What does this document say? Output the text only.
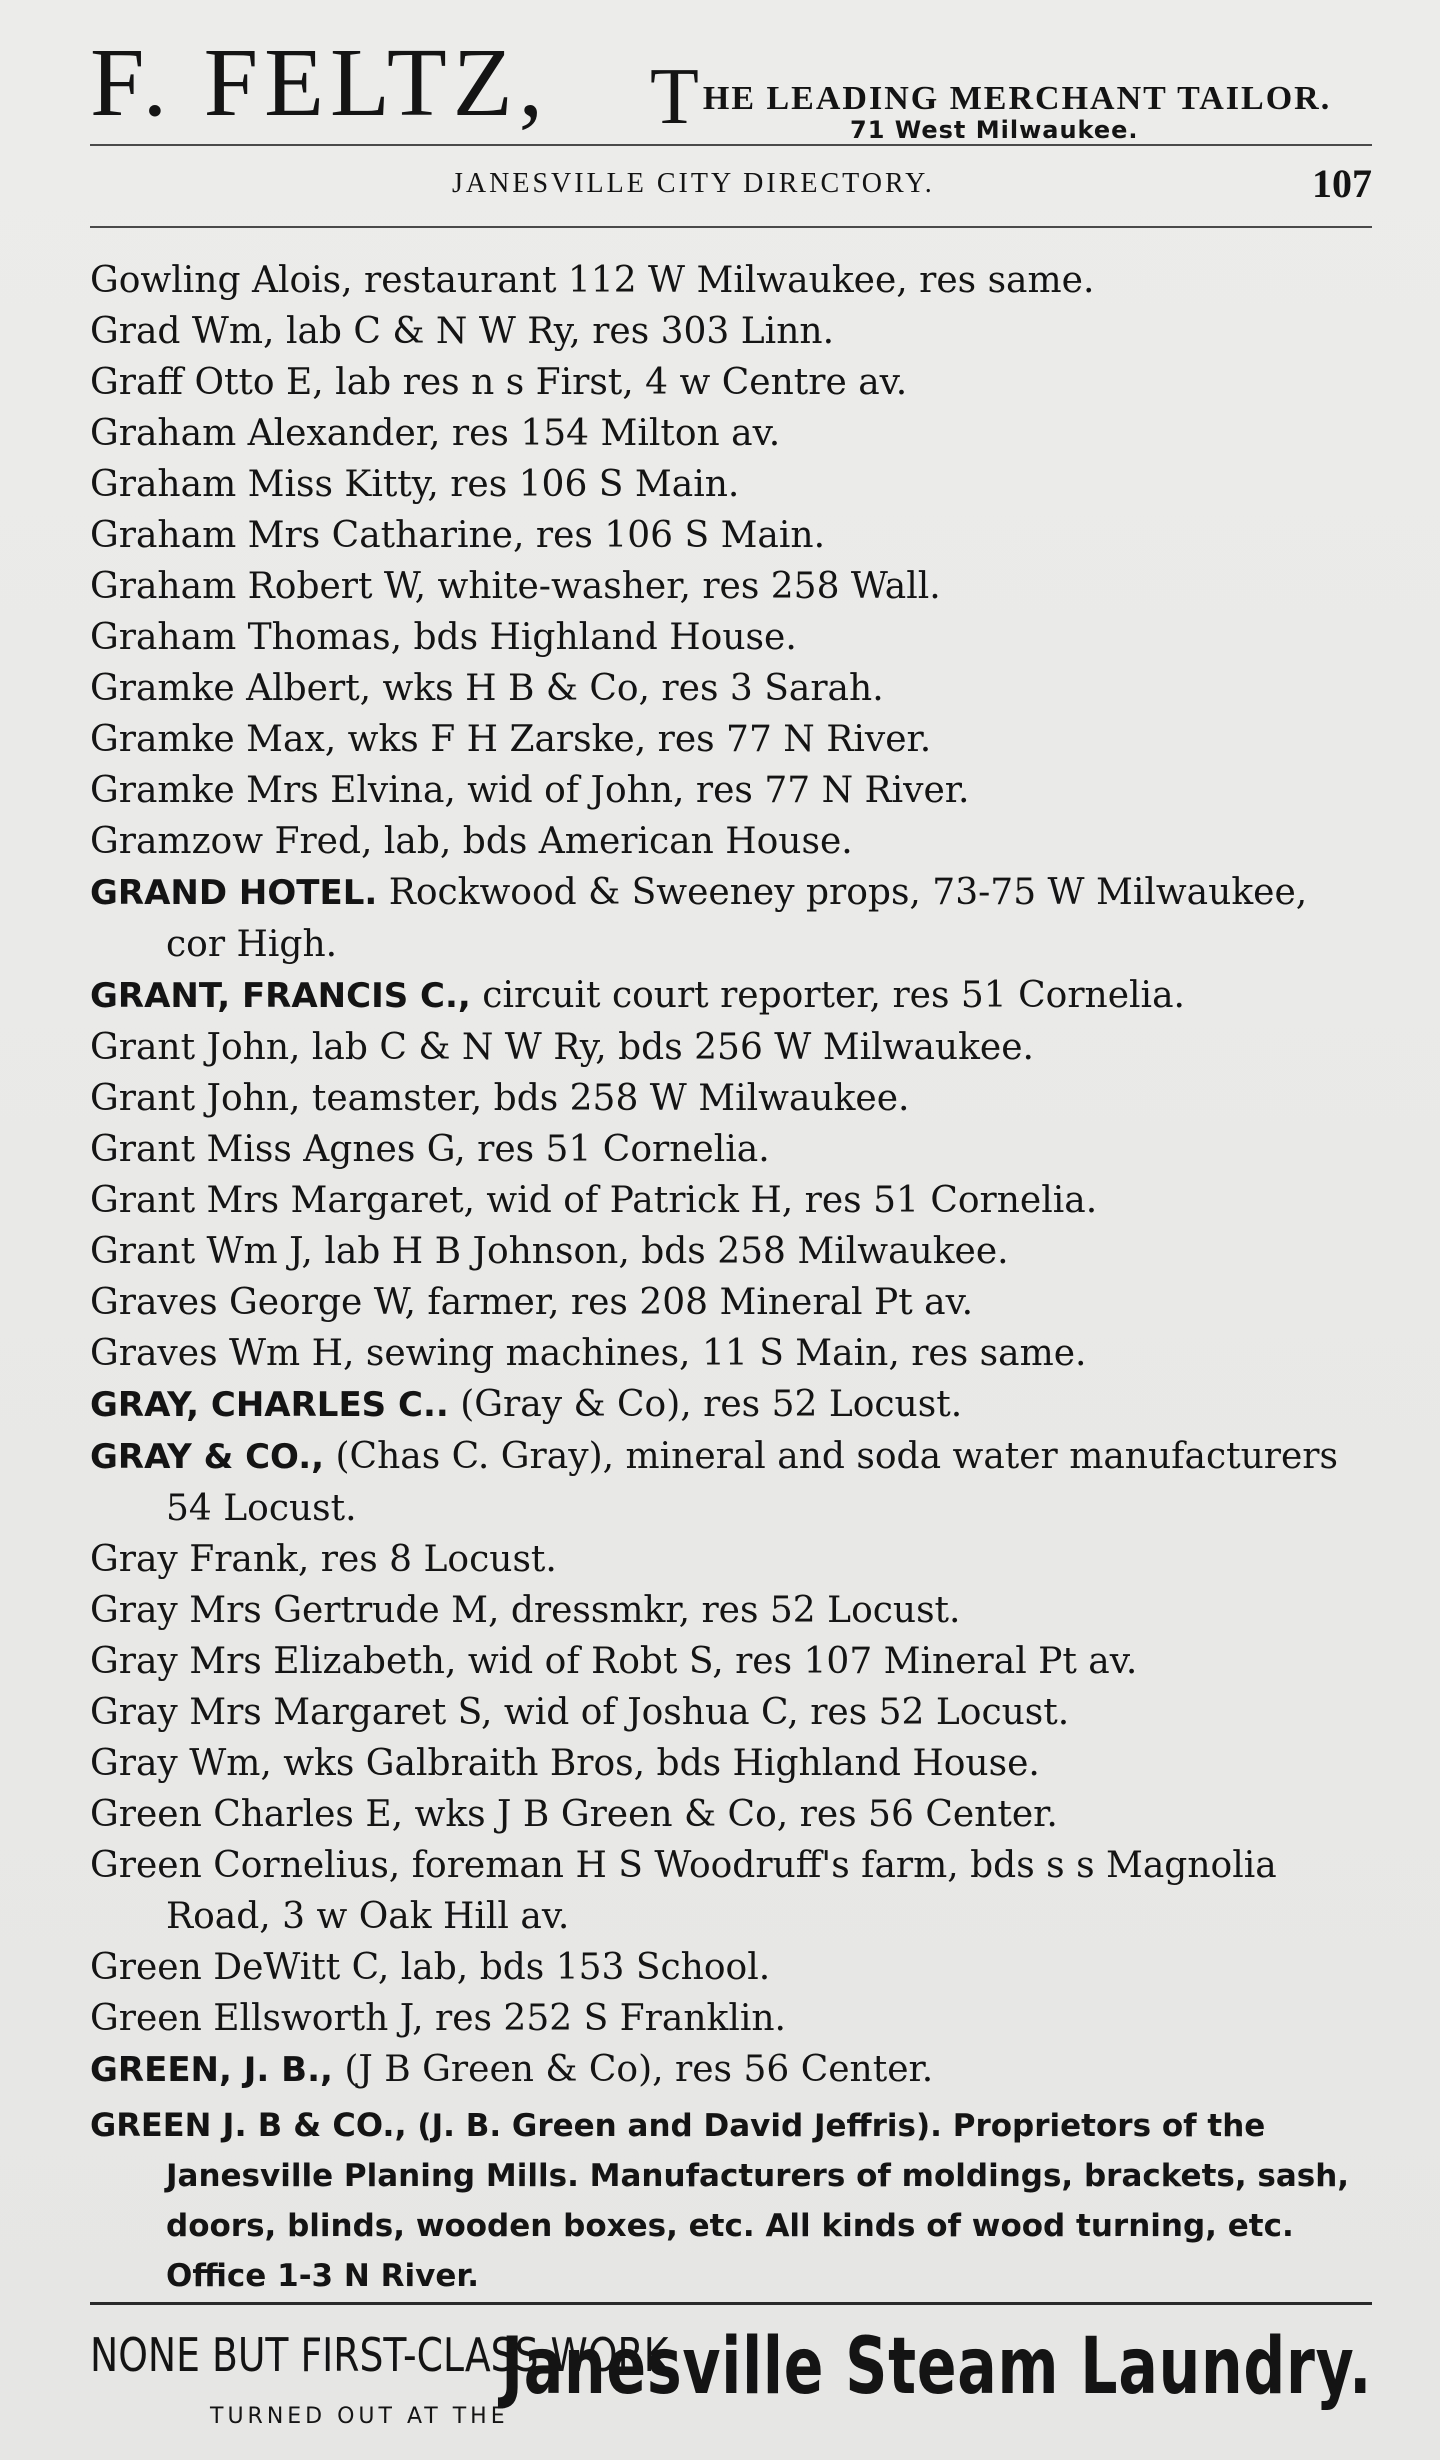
F. FELTZ, THE LEADING MERCHANT TAILOR.
71 West Milwaukee.
JANESVILLE CITY DIRECTORY.	107

Gowling Alois, restaurant 112 W Milwaukee, res same.

Grad Wm, lab C & N W Ry, res 303 Linn.

Graff Otto E, lab res n s First, 4 w Centre av.

Graham Alexander, res 154 Milton av.

Graham Miss Kitty, res 106 S Main.

Graham Mrs Catharine, res 106 S Main.

Graham Robert W, white-washer, res 258 Wall.

Graham Thomas, bds Highland House.

Gramke Albert, wks H B & Co, res 3 Sarah.

Gramke Max, wks F H Zarske, res 77 N River.

Gramke Mrs Elvina, wid of John, res 77 N River.

Gramzow Fred, lab, bds American House.

GRAND HOTEL. Rockwood & Sweeney props, 73-75 W Milwaukee, cor High.

GRANT, FRANCIS C., circuit court reporter, res 51 Cornelia.

Grant John, lab C & N W Ry, bds 256 W Milwaukee.

Grant John, teamster, bds 258 W Milwaukee.

Grant Miss Agnes G, res 51 Cornelia.

Grant Mrs Margaret, wid of Patrick H, res 51 Cornelia.

Grant Wm J, lab H B Johnson, bds 258 Milwaukee.

Graves George W, farmer, res 208 Mineral Pt av.

Graves Wm H, sewing machines, 11 S Main, res same.

GRAY, CHARLES C.. (Gray & Co), res 52 Locust.

GRAY & CO., (Chas C. Gray), mineral and soda water manufacturers 54 Locust.

Gray Frank, res 8 Locust.

Gray Mrs Gertrude M, dressmkr, res 52 Locust.

Gray Mrs Elizabeth, wid of Robt S, res 107 Mineral Pt av.

Gray Mrs Margaret S, wid of Joshua C, res 52 Locust.

Gray Wm, wks Galbraith Bros, bds Highland House.

Green Charles E, wks J B Green & Co, res 56 Center.

Green Cornelius, foreman H S Woodruff's farm, bds s s Magnolia Road, 3 w Oak Hill av.

Green DeWitt C, lab, bds 153 School.

Green Ellsworth J, res 252 S Franklin.

GREEN, J. B., (J B Green & Co), res 56 Center.

GREEN J. B & CO., (J. B. Green and David Jeffris). Proprietors of the Janesville Planing Mills. Manufacturers of moldings, brackets, sash, doors, blinds, wooden boxes, etc. All kinds of wood turning, etc. Office 1-3 N River.

NONE BUT FIRST-CLASS WORK
TURNED OUT AT THE
Janesville Steam Laundry.
